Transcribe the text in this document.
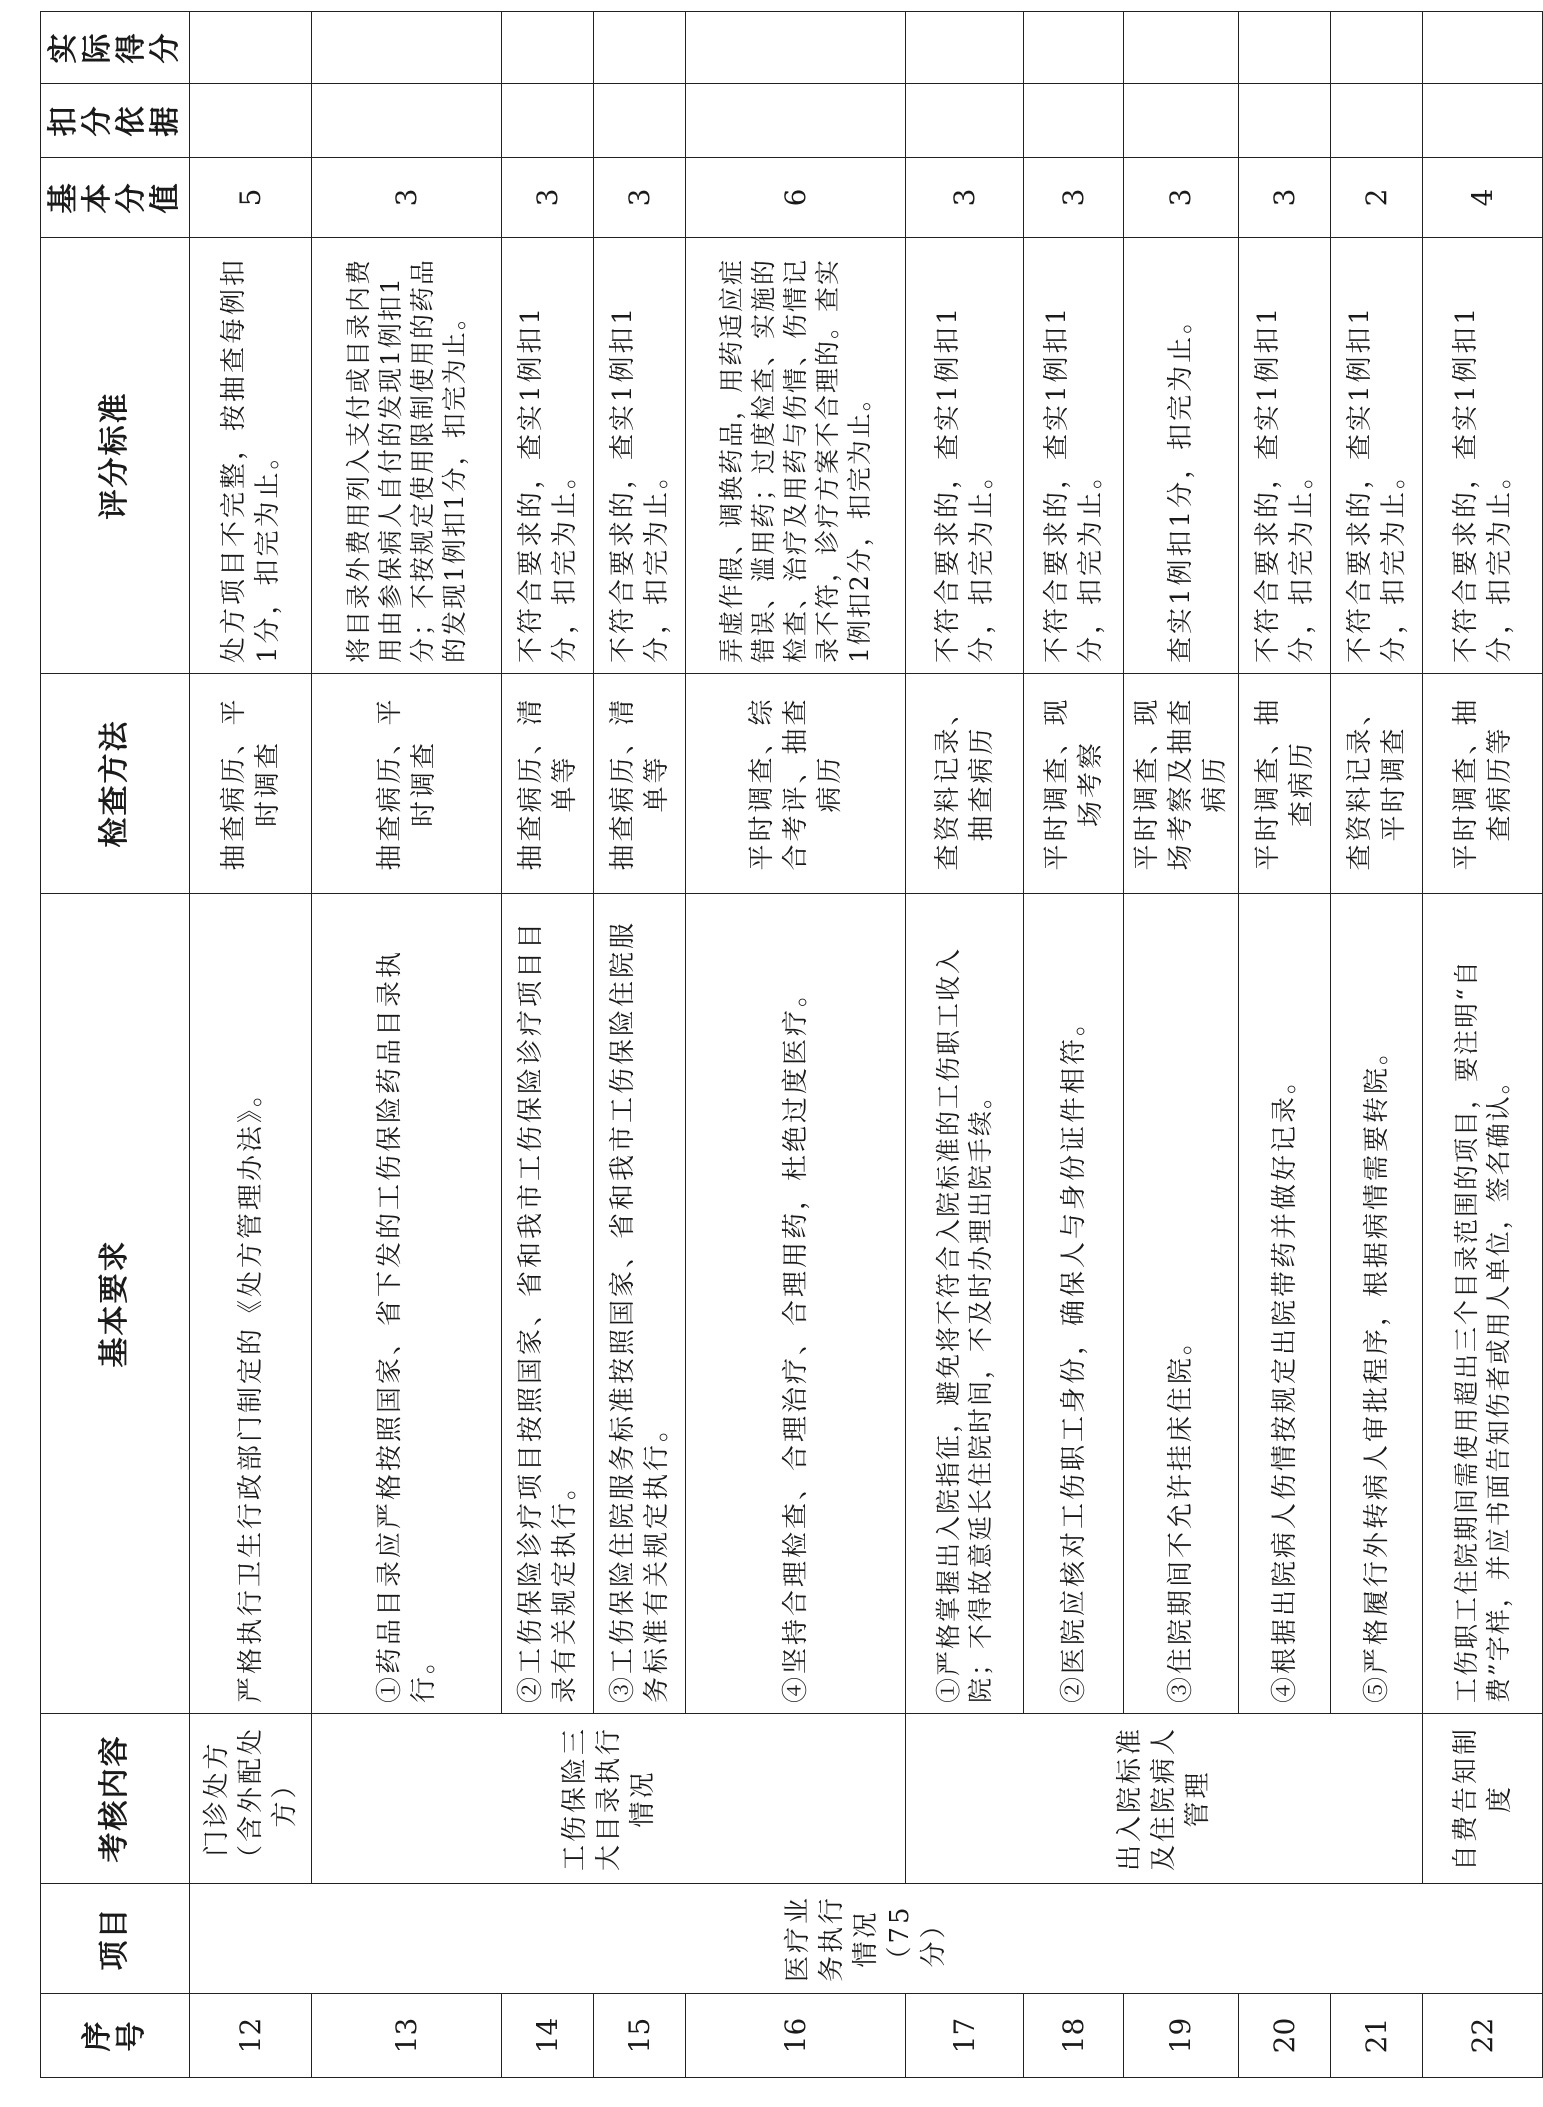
序号	项目	考核内容	基本要求	检查方法	评分标准	基本分值	扣分依据	实际得分
12	医疗业务执行情况（75分）	门诊处方（含外配处方）	严格执行卫生行政部门制定的《处方管理办法》。	抽查病历、平时调查	处方项目不完整，按抽查每例扣1分，扣完为止。	5		
13		工伤保险三大目录执行情况	①药品目录应严格按照国家、省下发的工伤保险药品目录执行。	抽查病历、平时调查	将目录外费用列入支付或目录内费用由参保病人自付的发现1例扣1分；不按规定使用限制使用的药品的发现1例扣1分，扣完为止。	3		
14			②工伤保险诊疗项目按照国家、省和我市工伤保险诊疗项目目录有关规定执行。	抽查病历、清单等	不符合要求的，查实1例扣1分，扣完为止。	3		
15			③工伤保险住院服务标准按照国家、省和我市工伤保险住院服务标准有关规定执行。	抽查病历、清单等	不符合要求的，查实1例扣1分，扣完为止。	3		
16			④坚持合理检查、合理治疗、合理用药，杜绝过度医疗。	平时调查、综合考评、抽查病历	弄虚作假、调换药品，用药适应症错误、滥用药；过度检查、实施的检查、治疗及用药与伤情、伤情记录不符，诊疗方案不合理的。查实1例扣2分，扣完为止。	6		
17		出入院标准及住院病人管理	①严格掌握出入院指征，避免将不符合入院标准的工伤职工收入院；不得故意延长住院时间，不及时办理出院手续。	查资料记录、抽查病历	不符合要求的，查实1例扣1分，扣完为止。	3		
18			②医院应核对工伤职工身份，确保人与身份证件相符。	平时调查、现场考察	不符合要求的，查实1例扣1分，扣完为止。	3		
19			③住院期间不允许挂床住院。	平时调查、现场考察及抽查病历	查实1例扣1分，扣完为止。	3		
20			④根据出院病人伤情按规定出院带药并做好记录。	平时调查、抽查病历	不符合要求的，查实1例扣1分，扣完为止。	3		
21			⑤严格履行外转病人审批程序，根据病情需要转院。	查资料记录、平时调查	不符合要求的，查实1例扣1分，扣完为止。	2		
22		自费告知制度	工伤职工住院期间需使用超出三个目录范围的项目，要注明“自费”字样，并应书面告知伤者或用人单位，签名确认。	平时调查、抽查病历等	不符合要求的，查实1例扣1分，扣完为止。	4		
